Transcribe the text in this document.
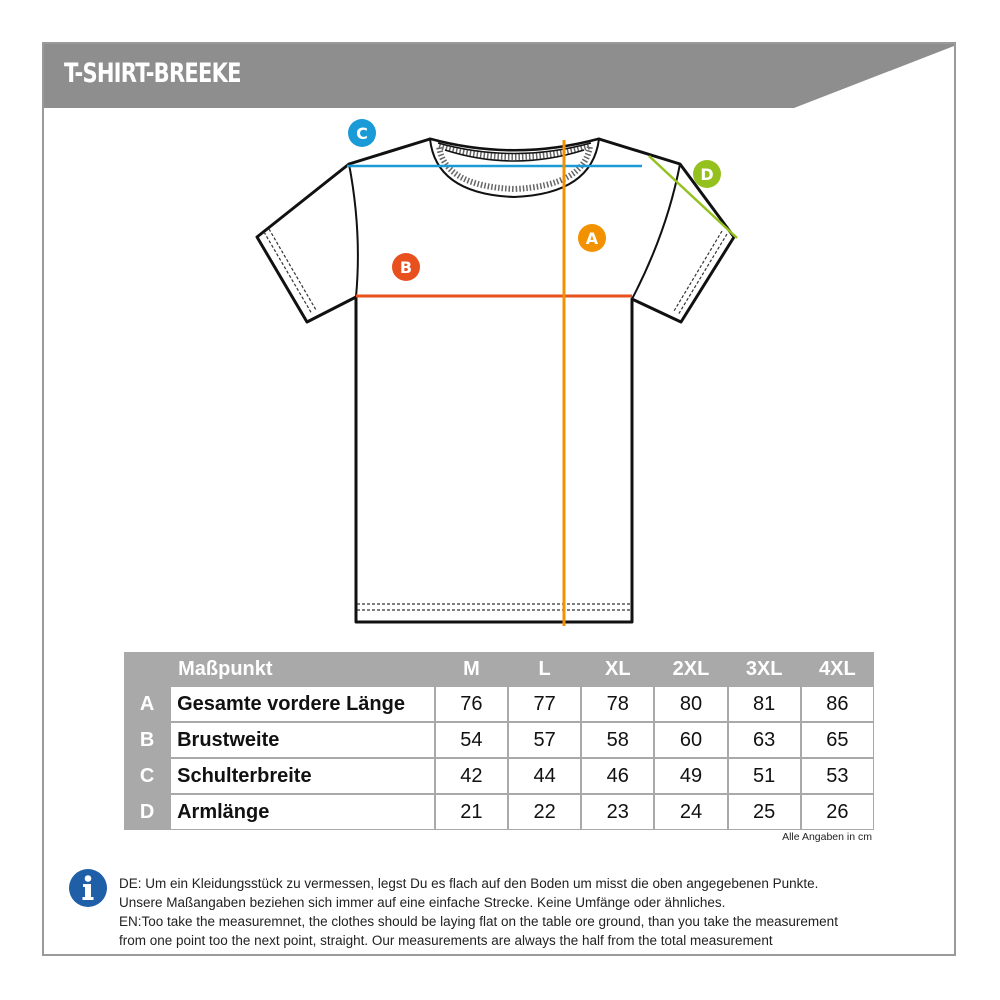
T-SHIRT-BREEKE
C
D
A
B
	Maßpunkt	M	L	XL	2XL	3XL	4XL
A	Gesamte vordere Länge	76	77	78	80	81	86
B	Brustweite	54	57	58	60	63	65
C	Schulterbreite	42	44	46	49	51	53
D	Armlänge	21	22	23	24	25	26
Alle Angaben in cm

DE: Um ein Kleidungsstück zu vermessen, legst Du es flach auf den Boden um misst die oben angegebenen Punkte.

Unsere Maßangaben beziehen sich immer auf eine einfache Strecke. Keine Umfänge oder ähnliches.

EN:Too take the measuremnet, the clothes should be laying flat on the table ore ground, than you take the measurement

from one point too the next point, straight. Our measurements are always the half from the total measurement
